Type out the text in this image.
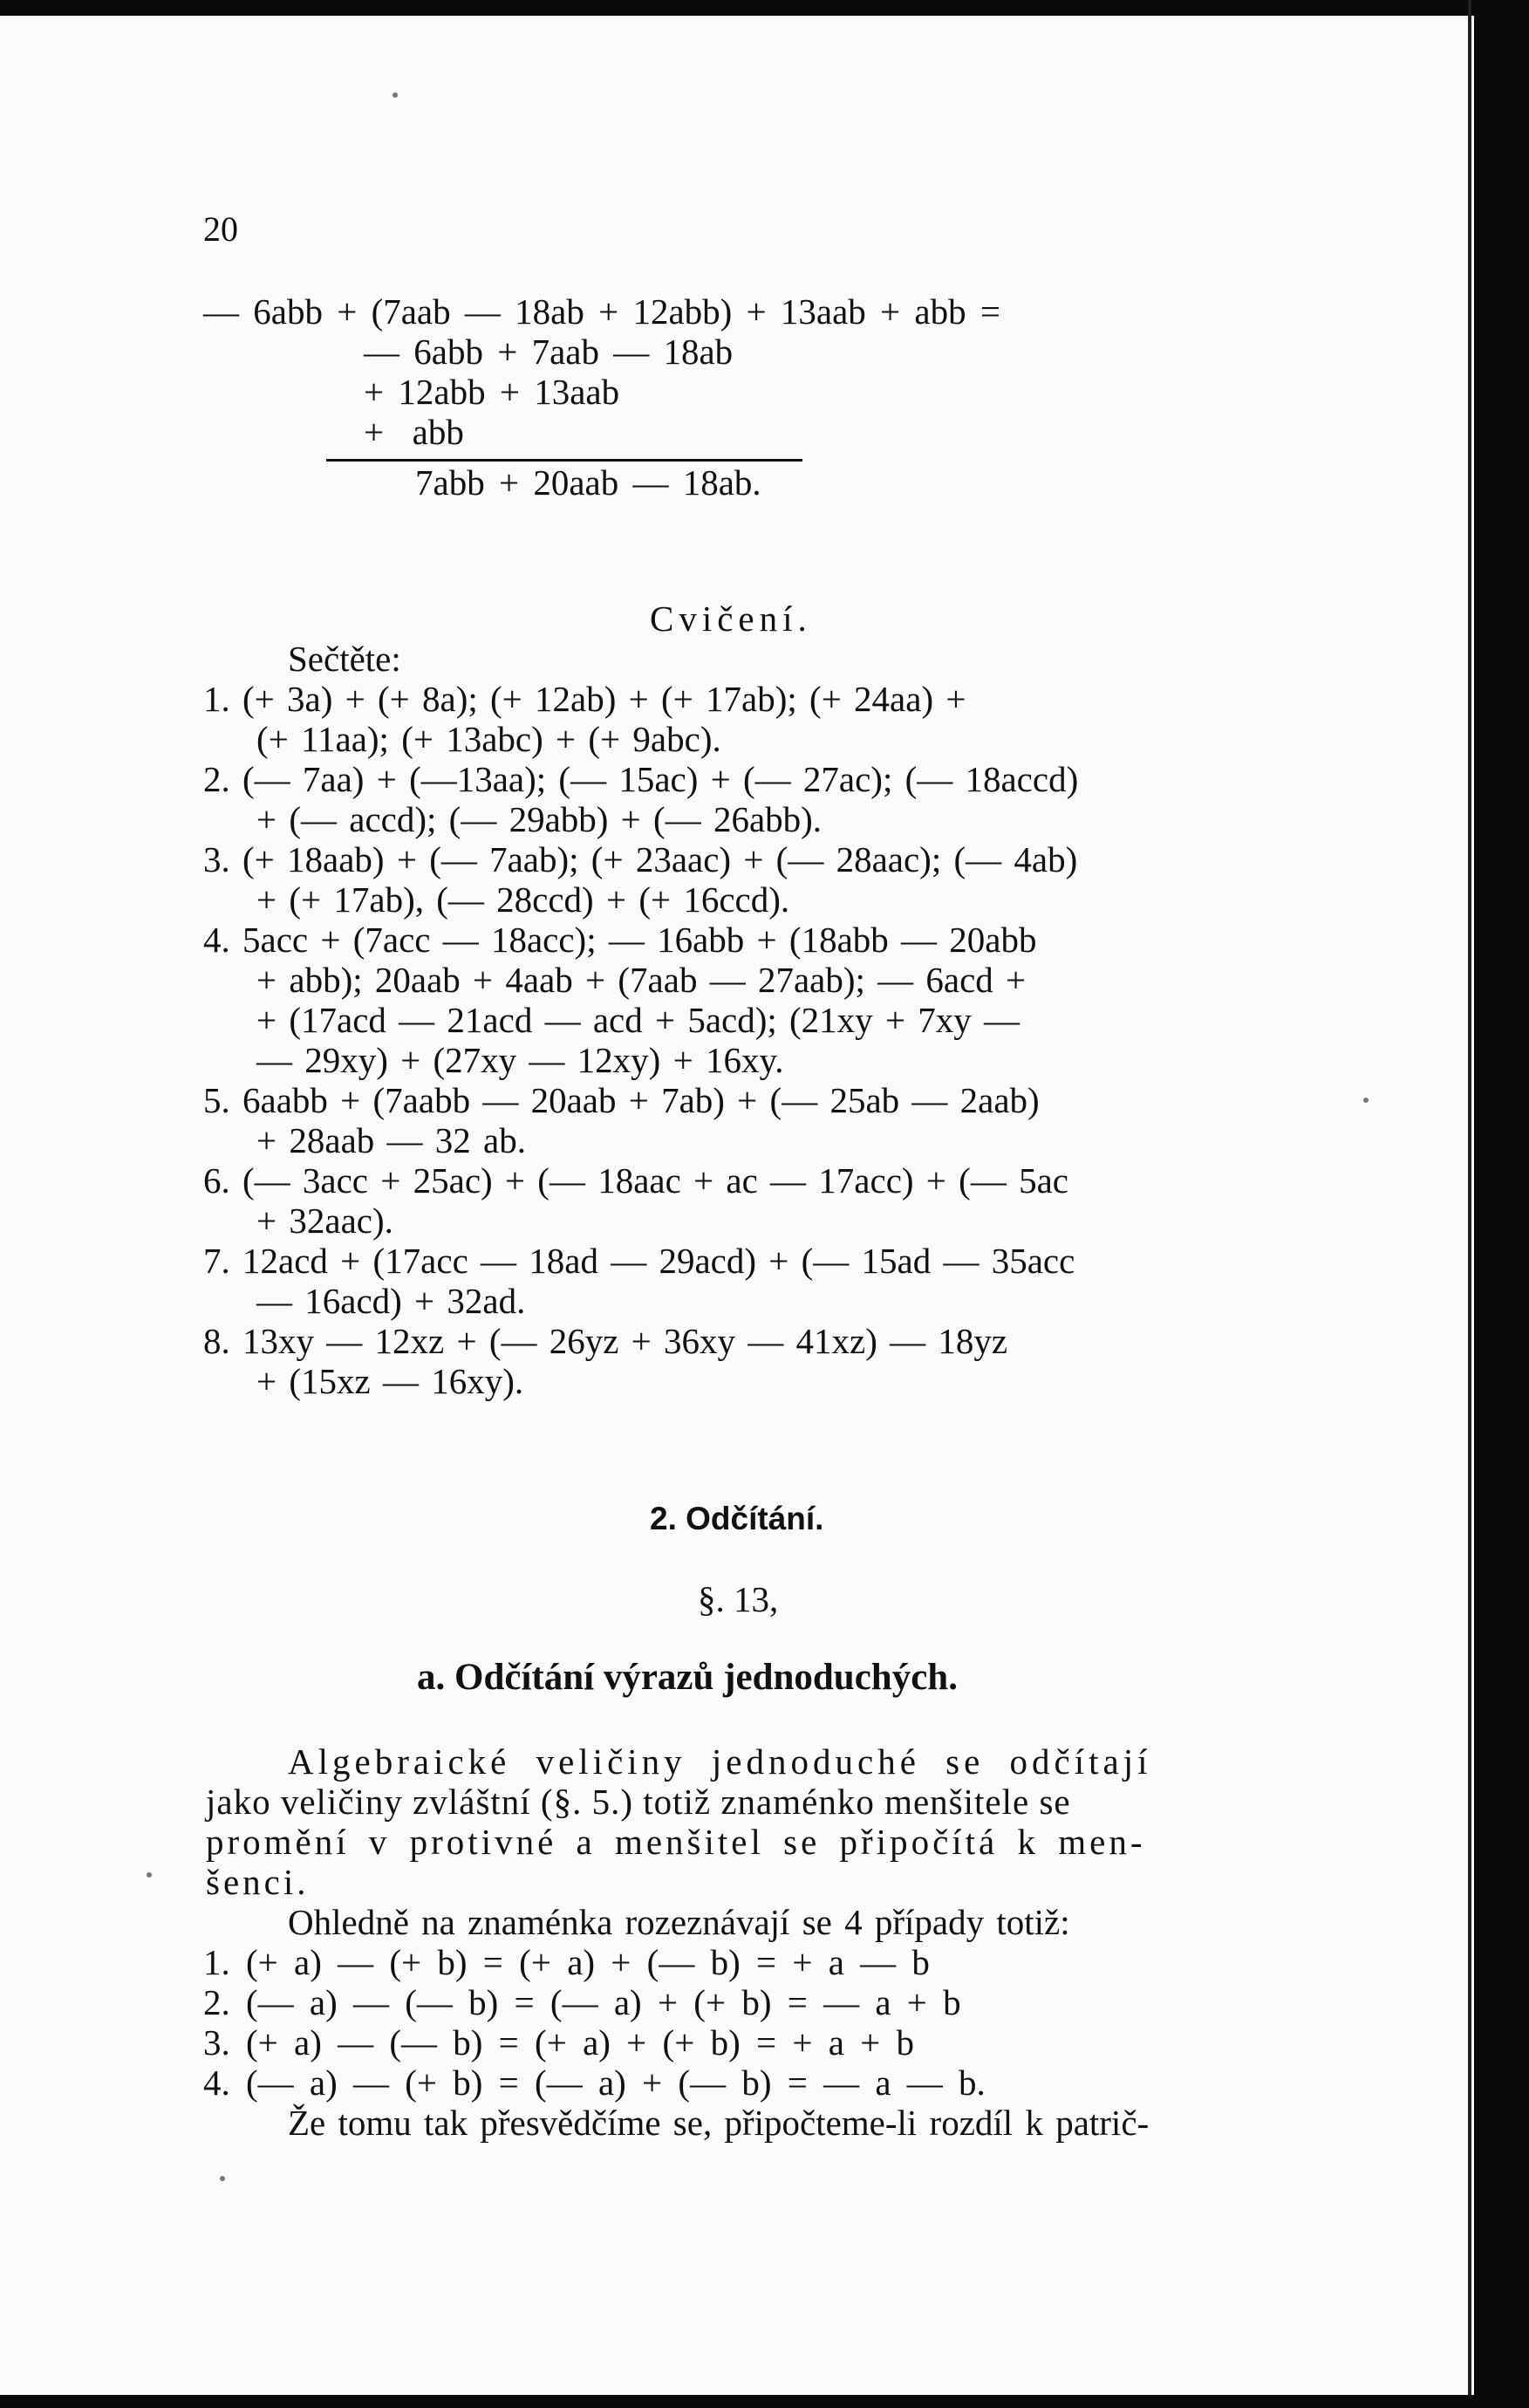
20
— 6abb + (7aab — 18ab + 12abb) + 13aab + abb =
— 6abb + 7aab — 18ab
+ 12abb + 13aab
+  abb
7abb + 20aab — 18ab.
Cvičení.
Sečtěte:
1. (+ 3a) + (+ 8a); (+ 12ab) + (+ 17ab); (+ 24aa) +
(+ 11aa); (+ 13abc) + (+ 9abc).
2. (— 7aa) + (—13aa); (— 15ac) + (— 27ac); (— 18accd)
+ (— accd); (— 29abb) + (— 26abb).
3. (+ 18aab) + (— 7aab); (+ 23aac) + (— 28aac); (— 4ab)
+ (+ 17ab), (— 28ccd) + (+ 16ccd).
4. 5acc + (7acc — 18acc); — 16abb + (18abb — 20abb
+ abb); 20aab + 4aab + (7aab — 27aab); — 6acd +
+ (17acd — 21acd — acd + 5acd); (21xy + 7xy —
— 29xy) + (27xy — 12xy) + 16xy.
5. 6aabb + (7aabb — 20aab + 7ab) + (— 25ab — 2aab)
+ 28aab — 32 ab.
6. (— 3acc + 25ac) + (— 18aac + ac — 17acc) + (— 5ac
+ 32aac).
7. 12acd + (17acc — 18ad — 29acd) + (— 15ad — 35acc
— 16acd) + 32ad.
8. 13xy — 12xz + (— 26yz + 36xy — 41xz) — 18yz
+ (15xz — 16xy).
2. Odčítání.
§. 13,
a. Odčítání výrazů jednoduchých.
Algebraické veličiny jednoduché se odčítají
jako veličiny zvláštní (§. 5.) totiž znaménko menšitele se
promění v protivné a menšitel se připočítá k men-
šenci.
Ohledně na znaménka rozeznávají se 4 případy totiž:
1. (+ a) — (+ b) = (+ a) + (— b) = + a — b
2. (— a) — (— b) = (— a) + (+ b) = — a + b
3. (+ a) — (— b) = (+ a) + (+ b) = + a + b
4. (— a) — (+ b) = (— a) + (— b) = — a — b.
Že tomu tak přesvědčíme se, připočteme-li rozdíl k patrič-
